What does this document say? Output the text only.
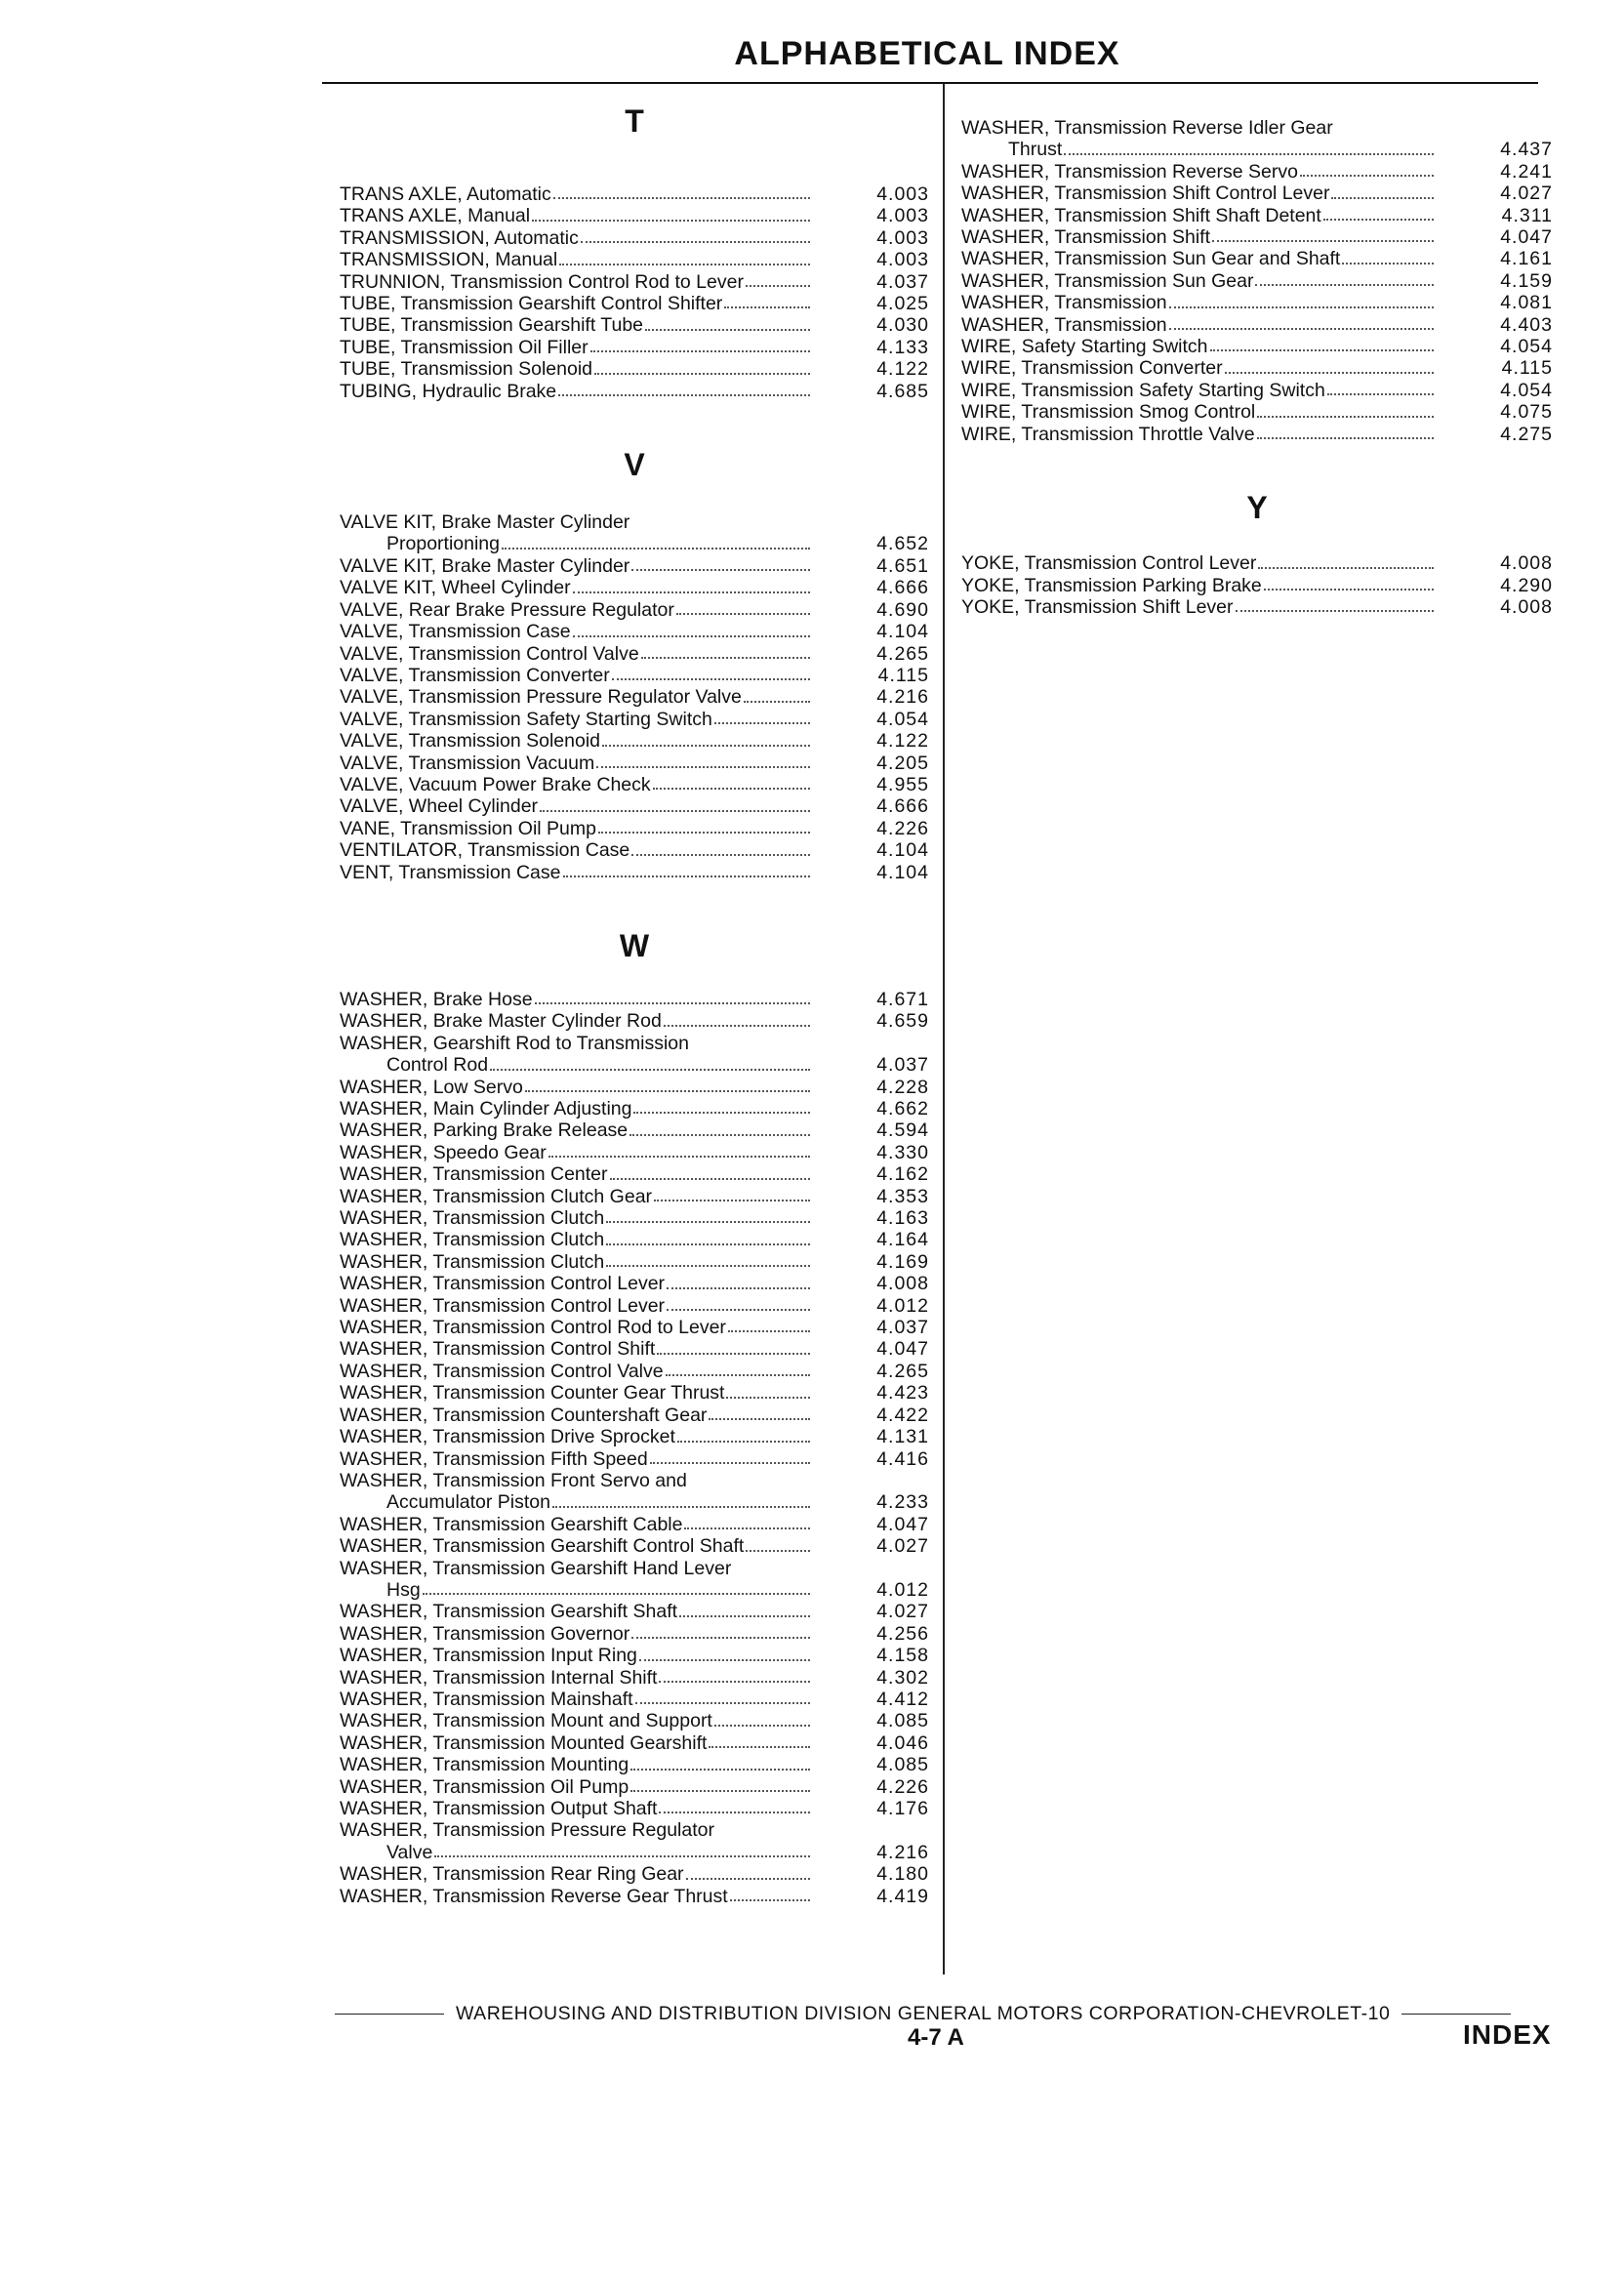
ALPHABETICAL INDEX
T
TRANS AXLE, Automatic	4.003
TRANS AXLE, Manual	4.003
TRANSMISSION, Automatic	4.003
TRANSMISSION, Manual	4.003
TRUNNION, Transmission Control Rod to Lever	4.037
TUBE, Transmission Gearshift Control Shifter	4.025
TUBE, Transmission Gearshift Tube	4.030
TUBE, Transmission Oil Filler	4.133
TUBE, Transmission Solenoid	4.122
TUBING, Hydraulic Brake	4.685
V
VALVE KIT, Brake Master Cylinder
Proportioning	4.652
VALVE KIT, Brake Master Cylinder	4.651
VALVE KIT, Wheel Cylinder	4.666
VALVE, Rear Brake Pressure Regulator	4.690
VALVE, Transmission Case	4.104
VALVE, Transmission Control Valve	4.265
VALVE, Transmission Converter	4.115
VALVE, Transmission Pressure Regulator Valve	4.216
VALVE, Transmission Safety Starting Switch	4.054
VALVE, Transmission Solenoid	4.122
VALVE, Transmission Vacuum	4.205
VALVE, Vacuum Power Brake Check	4.955
VALVE, Wheel Cylinder	4.666
VANE, Transmission Oil Pump	4.226
VENTILATOR, Transmission Case	4.104
VENT, Transmission Case	4.104
W
WASHER, Brake Hose	4.671
WASHER, Brake Master Cylinder Rod	4.659
WASHER, Gearshift Rod to Transmission
Control Rod	4.037
WASHER, Low Servo	4.228
WASHER, Main Cylinder Adjusting	4.662
WASHER, Parking Brake Release	4.594
WASHER, Speedo Gear	4.330
WASHER, Transmission Center	4.162
WASHER, Transmission Clutch Gear	4.353
WASHER, Transmission Clutch	4.163
WASHER, Transmission Clutch	4.164
WASHER, Transmission Clutch	4.169
WASHER, Transmission Control Lever	4.008
WASHER, Transmission Control Lever	4.012
WASHER, Transmission Control Rod to Lever	4.037
WASHER, Transmission Control Shift	4.047
WASHER, Transmission Control Valve	4.265
WASHER, Transmission Counter Gear Thrust	4.423
WASHER, Transmission Countershaft Gear	4.422
WASHER, Transmission Drive Sprocket	4.131
WASHER, Transmission Fifth Speed	4.416
WASHER, Transmission Front Servo and
Accumulator Piston	4.233
WASHER, Transmission Gearshift Cable	4.047
WASHER, Transmission Gearshift Control Shaft	4.027
WASHER, Transmission Gearshift Hand Lever
Hsg	4.012
WASHER, Transmission Gearshift Shaft	4.027
WASHER, Transmission Governor	4.256
WASHER, Transmission Input Ring	4.158
WASHER, Transmission Internal Shift	4.302
WASHER, Transmission Mainshaft	4.412
WASHER, Transmission Mount and Support	4.085
WASHER, Transmission Mounted Gearshift	4.046
WASHER, Transmission Mounting	4.085
WASHER, Transmission Oil Pump	4.226
WASHER, Transmission Output Shaft	4.176
WASHER, Transmission Pressure Regulator
Valve	4.216
WASHER, Transmission Rear Ring Gear	4.180
WASHER, Transmission Reverse Gear Thrust	4.419
WASHER, Transmission Reverse Idler Gear
Thrust	4.437
WASHER, Transmission Reverse Servo	4.241
WASHER, Transmission Shift Control Lever	4.027
WASHER, Transmission Shift Shaft Detent	4.311
WASHER, Transmission Shift	4.047
WASHER, Transmission Sun Gear and Shaft	4.161
WASHER, Transmission Sun Gear	4.159
WASHER, Transmission	4.081
WASHER, Transmission	4.403
WIRE, Safety Starting Switch	4.054
WIRE, Transmission Converter	4.115
WIRE, Transmission Safety Starting Switch	4.054
WIRE, Transmission Smog Control	4.075
WIRE, Transmission Throttle Valve	4.275
Y
YOKE, Transmission Control Lever	4.008
YOKE, Transmission Parking Brake	4.290
YOKE, Transmission Shift Lever	4.008
WAREHOUSING AND DISTRIBUTION DIVISION GENERAL MOTORS CORPORATION-CHEVROLET-10
4-7 A	INDEX
